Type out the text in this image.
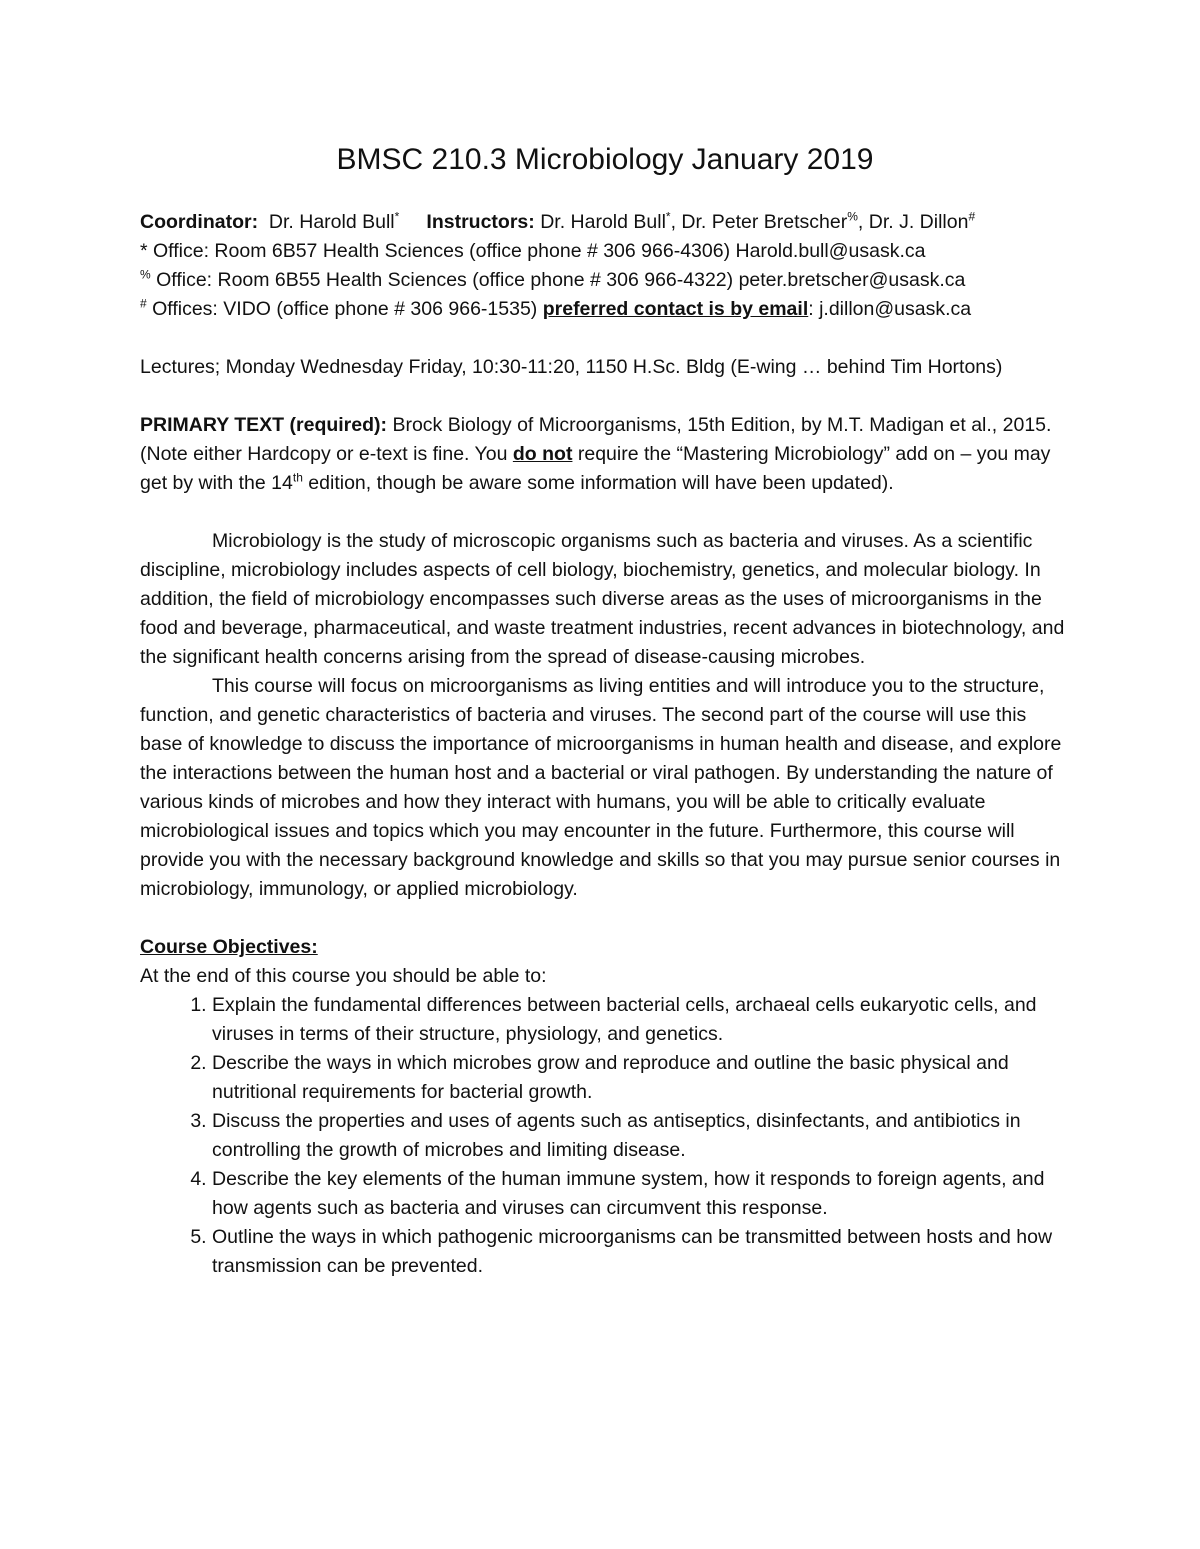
BMSC 210.3 Microbiology January 2019

Coordinator: Dr. Harold Bull* Instructors: Dr. Harold Bull*, Dr. Peter Bretscher%, Dr. J. Dillon#

* Office: Room 6B57 Health Sciences (office phone # 306 966-4306) Harold.bull@usask.ca

% Office: Room 6B55 Health Sciences (office phone # 306 966-4322) peter.bretscher@usask.ca

# Offices: VIDO (office phone # 306 966-1535) preferred contact is by email: j.dillon@usask.ca

Lectures; Monday Wednesday Friday, 10:30-11:20, 1150 H.Sc. Bldg (E-wing … behind Tim Hortons)

PRIMARY TEXT (required): Brock Biology of Microorganisms, 15th Edition, by M.T. Madigan et al., 2015. (Note either Hardcopy or e-text is fine. You do not require the “Mastering Microbiology” add on – you may get by with the 14th edition, though be aware some information will have been updated).

Microbiology is the study of microscopic organisms such as bacteria and viruses. As a scientific discipline, microbiology includes aspects of cell biology, biochemistry, genetics, and molecular biology. In addition, the field of microbiology encompasses such diverse areas as the uses of microorganisms in the food and beverage, pharmaceutical, and waste treatment industries, recent advances in biotechnology, and the significant health concerns arising from the spread of disease-causing microbes.

This course will focus on microorganisms as living entities and will introduce you to the structure, function, and genetic characteristics of bacteria and viruses. The second part of the course will use this base of knowledge to discuss the importance of microorganisms in human health and disease, and explore the interactions between the human host and a bacterial or viral pathogen. By understanding the nature of various kinds of microbes and how they interact with humans, you will be able to critically evaluate microbiological issues and topics which you may encounter in the future. Furthermore, this course will provide you with the necessary background knowledge and skills so that you may pursue senior courses in microbiology, immunology, or applied microbiology.

Course Objectives:

At the end of this course you should be able to:

1. Explain the fundamental differences between bacterial cells, archaeal cells eukaryotic cells, and viruses in terms of their structure, physiology, and genetics.
2. Describe the ways in which microbes grow and reproduce and outline the basic physical and nutritional requirements for bacterial growth.
3. Discuss the properties and uses of agents such as antiseptics, disinfectants, and antibiotics in controlling the growth of microbes and limiting disease.
4. Describe the key elements of the human immune system, how it responds to foreign agents, and how agents such as bacteria and viruses can circumvent this response.
5. Outline the ways in which pathogenic microorganisms can be transmitted between hosts and how transmission can be prevented.
